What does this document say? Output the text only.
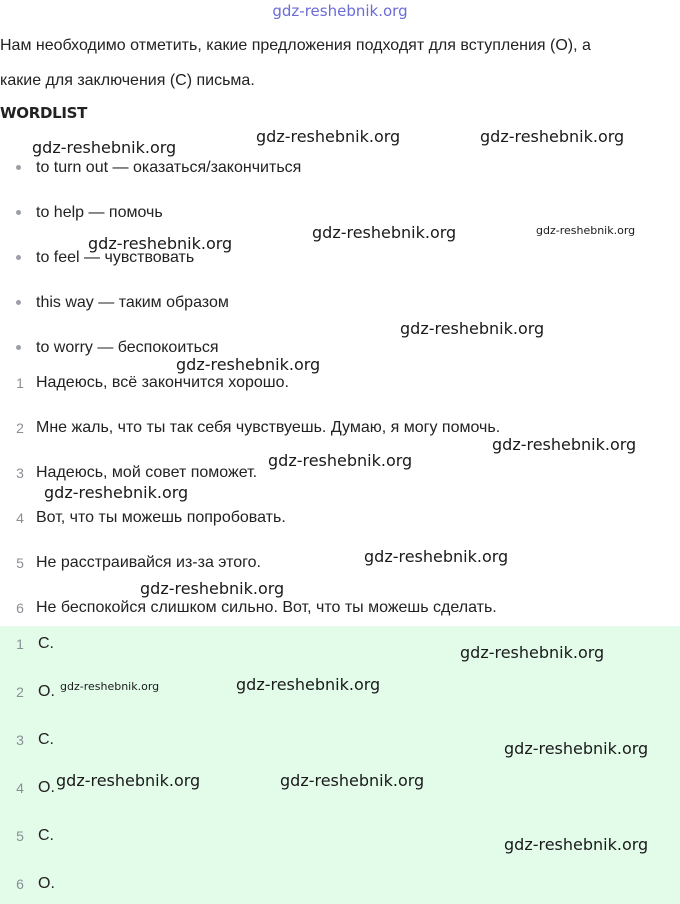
gdz-reshebnik.org
Нам необходимо отметить, какие предложения подходят для вступления (О), а
какие для заключения (С) письма.
WORDLIST
to turn out — оказаться/закончиться
to help — помочь
to feel — чувствовать
this way — таким образом
to worry — беспокоиться
1 Надеюсь, всё закончится хорошо.
2 Мне жаль, что ты так себя чувствуешь. Думаю, я могу помочь.
3 Надеюсь, мой совет поможет.
4 Вот, что ты можешь попробовать.
5 Не расстраивайся из-за этого.
6 Не беспокойся слишком сильно. Вот, что ты можешь сделать.
1 C.
2 O.
3 C.
4 O.
5 C.
6 O.
gdz-reshebnik.org
gdz-reshebnik.org	gdz-reshebnik.org
gdz-reshebnik.org
gdz-reshebnik.org	gdz-reshebnik.org
gdz-reshebnik.org
gdz-reshebnik.org
gdz-reshebnik.org
gdz-reshebnik.org
gdz-reshebnik.org
gdz-reshebnik.org
gdz-reshebnik.org
gdz-reshebnik.org
gdz-reshebnik.org
gdz-reshebnik.org
gdz-reshebnik.org
gdz-reshebnik.org	gdz-reshebnik.org
gdz-reshebnik.org
